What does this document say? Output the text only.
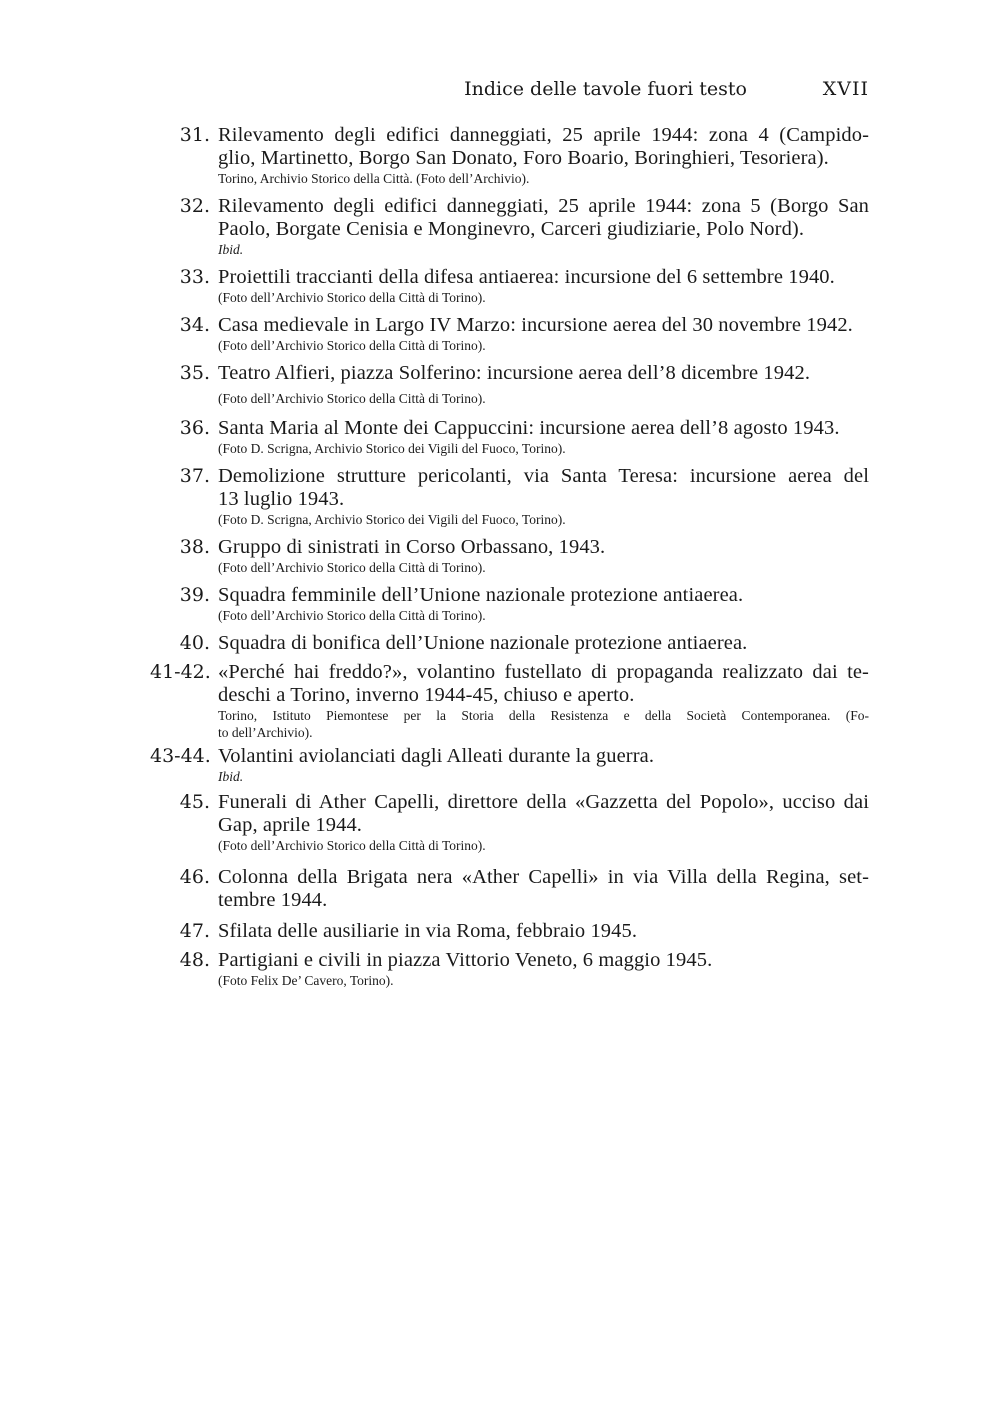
Indice delle tavole fuori testo	XVII
31. Rilevamento degli edifici danneggiati, 25 aprile 1944: zona 4 (Campido-
glio, Martinetto, Borgo San Donato, Foro Boario, Boringhieri, Tesoriera).
Torino, Archivio Storico della Città. (Foto dell’Archivio).
32. Rilevamento degli edifici danneggiati, 25 aprile 1944: zona 5 (Borgo San
Paolo, Borgate Cenisia e Monginevro, Carceri giudiziarie, Polo Nord).
Ibid.
33. Proiettili traccianti della difesa antiaerea: incursione del 6 settembre 1940.
(Foto dell’Archivio Storico della Città di Torino).
34. Casa medievale in Largo IV Marzo: incursione aerea del 30 novembre 1942.
(Foto dell’Archivio Storico della Città di Torino).
35. Teatro Alfieri, piazza Solferino: incursione aerea dell’8 dicembre 1942.
(Foto dell’Archivio Storico della Città di Torino).
36. Santa Maria al Monte dei Cappuccini: incursione aerea dell’8 agosto 1943.
(Foto D. Scrigna, Archivio Storico dei Vigili del Fuoco, Torino).
37. Demolizione strutture pericolanti, via Santa Teresa: incursione aerea del
13 luglio 1943.
(Foto D. Scrigna, Archivio Storico dei Vigili del Fuoco, Torino).
38. Gruppo di sinistrati in Corso Orbassano, 1943.
(Foto dell’Archivio Storico della Città di Torino).
39. Squadra femminile dell’Unione nazionale protezione antiaerea.
(Foto dell’Archivio Storico della Città di Torino).
40. Squadra di bonifica dell’Unione nazionale protezione antiaerea.
41-42. «Perché hai freddo?», volantino fustellato di propaganda realizzato dai te-
deschi a Torino, inverno 1944-45, chiuso e aperto.
Torino, Istituto Piemontese per la Storia della Resistenza e della Società Contemporanea. (Fo-
to dell’Archivio).
43-44. Volantini aviolanciati dagli Alleati durante la guerra.
Ibid.
45. Funerali di Ather Capelli, direttore della «Gazzetta del Popolo», ucciso dai
Gap, aprile 1944.
(Foto dell’Archivio Storico della Città di Torino).
46. Colonna della Brigata nera «Ather Capelli» in via Villa della Regina, set-
tembre 1944.
47. Sfilata delle ausiliarie in via Roma, febbraio 1945.
48. Partigiani e civili in piazza Vittorio Veneto, 6 maggio 1945.
(Foto Felix De’ Cavero, Torino).
